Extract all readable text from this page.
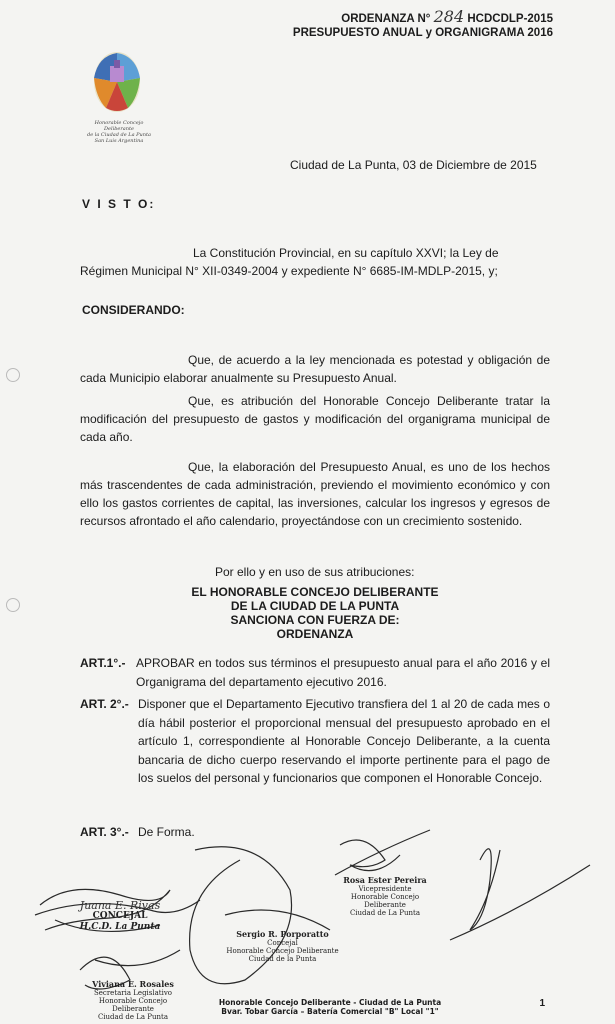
ORDENANZA N° 284 HCDCDLP-2015
PRESUPUESTO ANUAL y ORGANIGRAMA 2016
Honorable Concejo Deliberante
de la Ciudad de La Punta
San Luis Argentina
Ciudad de La Punta, 03 de Diciembre de 2015
V I S T O:
La Constitución Provincial, en su capítulo XXVI; la Ley de
Régimen Municipal N° XII-0349-2004 y expediente N° 6685-IM-MDLP-2015, y;
CONSIDERANDO:
Que, de acuerdo a la ley mencionada es potestad y obligación de cada Municipio elaborar anualmente su Presupuesto Anual.
Que, es atribución del Honorable Concejo Deliberante tratar la modificación del presupuesto de gastos y modificación del organigrama municipal de cada año.
Que, la elaboración del Presupuesto Anual, es uno de los hechos más trascendentes de cada administración, previendo el movimiento económico y con ello los gastos corrientes de capital, las inversiones, calcular los ingresos y egresos de recursos afrontado el año calendario, proyectándose con un crecimiento sostenido.
Por ello y en uso de sus atribuciones:
EL HONORABLE CONCEJO DELIBERANTE
DE LA CIUDAD DE LA PUNTA
SANCIONA CON FUERZA DE:
ORDENANZA
ART.1°.- APROBAR en todos sus términos el presupuesto anual para el año 2016 y el Organigrama del departamento ejecutivo 2016.
ART. 2°.- Disponer que el Departamento Ejecutivo transfiera del 1 al 20 de cada mes o día hábil posterior el proporcional mensual del presupuesto aprobado en el artículo 1, correspondiente al Honorable Concejo Deliberante, a la cuenta bancaria de dicho cuerpo reservando el importe pertinente para el pago de los suelos del personal y funcionarios que componen el Honorable Concejo.
ART. 3°.- De Forma.
Rosa Ester Pereira
Vicepresidente
Honorable Concejo Deliberante
Ciudad de La Punta
Juana E. Rivas
CONCEJAL
H.C.D. La Punta
Sergio R. Porporatto
Concejal
Honorable Concejo Deliberante
Ciudad de la Punta
Viviana E. Rosales
Secretaria Legislativo
Honorable Concejo Deliberante
Ciudad de La Punta
Honorable Concejo Deliberante - Ciudad de La Punta
Bvar. Tobar García – Batería Comercial "B" Local "1"
1
